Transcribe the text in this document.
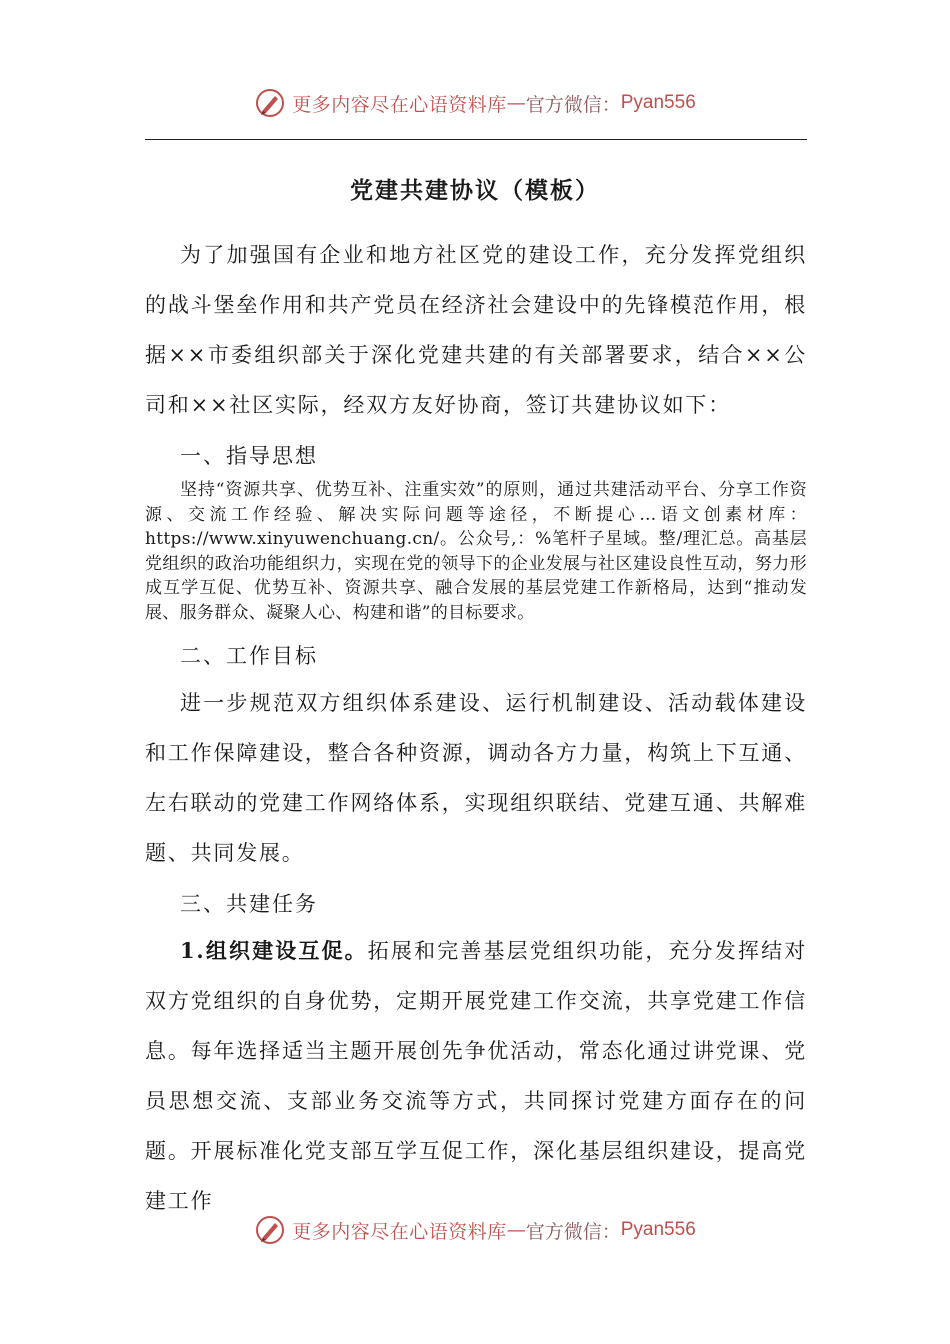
更多内容尽在心语资料库 — 官方微信： Pyan556
党建共建协议（模板）

为了加强国有企业和地方社区党的建设工作，充分发挥党组织的战斗堡垒作用和共产党员在经济社会建设中的先锋模范作用，根据××市委组织部关于深化党建共建的有关部署要求，结合××公司和××社区实际，经双方友好协商，签订共建协议如下：

一、指导思想

坚持“资源共享、优势互补、注重实效”的原则，通过共建活动平台、分享工作资源、交流工作经验、解决实际问题等途径，不断提心…语文创素材库：https://www.xinyuwenchuang.cn/。公众号,：%笔杆子星域。整/理汇总。高基层党组织的政治功能组织力，实现在党的领导下的企业发展与社区建设良性互动，努力形成互学互促、优势互补、资源共享、融合发展的基层党建工作新格局，达到“推动发展、服务群众、凝聚人心、构建和谐”的目标要求。

二、工作目标

进一步规范双方组织体系建设、运行机制建设、活动载体建设和工作保障建设，整合各种资源，调动各方力量，构筑上下互通、左右联动的党建工作网络体系，实现组织联结、党建互通、共解难题、共同发展。

三、共建任务

1.组织建设互促。拓展和完善基层党组织功能，充分发挥结对双方党组织的自身优势，定期开展党建工作交流，共享党建工作信息。每年选择适当主题开展创先争优活动，常态化通过讲党课、党员思想交流、支部业务交流等方式，共同探讨党建方面存在的问题。开展标准化党支部互学互促工作，深化基层组织建设，提高党建工作

更多内容尽在心语资料库 — 官方微信： Pyan556
